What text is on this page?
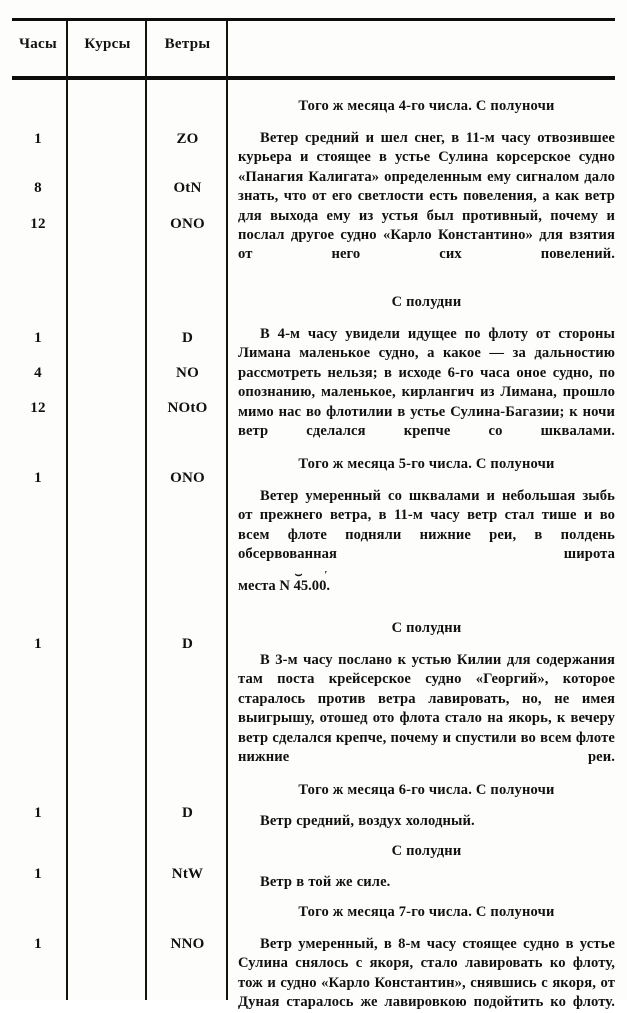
Часы	Курсы	Ветры
1
8
12
1
4
12
1
1
1
1
1
ZO
OtN
ONO
D
NO
NOtO
ONO
D
D
NtW
NNO
Того ж месяца 4-го числа. С полуночи

Ветер средний и шел снег, в 11-м часу отвозившее курьера и стоящее в устье Сулина корсерское судно «Панагия Калигата» определенным ему сигналом дало знать, что от его светлости есть повеления, а как ветр для выхода ему из устья был противный, почему и послал другое судно «Карло Константино» для взятия от него сих повелений.

С полудни

В 4-м часу увидели идущее по флоту от стороны Лимана маленькое судно, а какое — за дальностию рассмотреть нельзя; в исходе 6-го часа оное судно, по опознанию, маленькое, кирлангич из Лимана, прошло мимо нас во флотилии в устье Сулина-Багазии; к ночи ветр сделался крепче со шквалами.

Того ж месяца 5-го числа. С полуночи

Ветер умеренный со шквалами и небольшая зыбь от прежнего ветра, в 11-м часу ветр стал тише и во всем флоте подняли нижние реи, в полдень обсервованная широта

места N ⌣ 45.00 ′.

С полудни

В 3-м часу послано к устью Килии для содержания там поста крейсерское судно «Георгий», которое старалось против ветра лавировать, но, не имея выигрышу, отошед ото флота стало на якорь, к вечеру ветр сделался крепче, почему и спустили во всем флоте нижние реи.

Того ж месяца 6-го числа. С полуночи

Ветр средний, воздух холодный.

С полудни

Ветр в той же силе.

Того ж месяца 7-го числа. С полуночи

Ветр умеренный, в 8-м часу стоящее судно в устье Сулина снялось с якоря, стало лавировать ко флоту, тож и судно «Карло Константин», снявшись с якоря, от Дуная старалось же лавировкою подойтить ко флоту.
